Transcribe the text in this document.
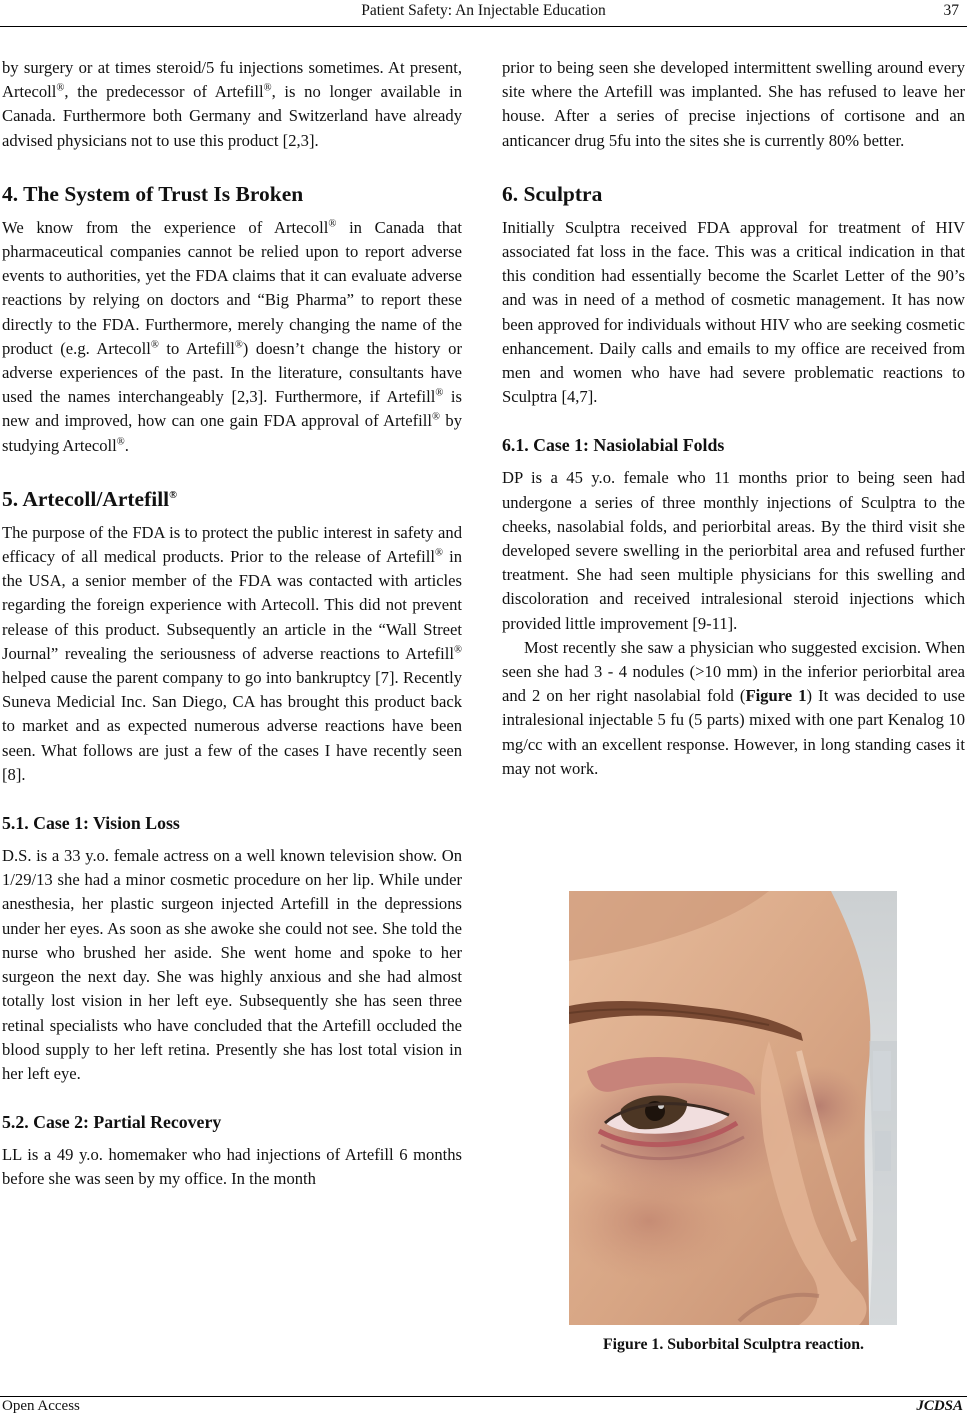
Patient Safety: An Injectable Education	37

by surgery or at times steroid/5 fu injections sometimes. At present, Artecoll®, the predecessor of Artefill®, is no longer available in Canada. Furthermore both Germany and Switzerland have already advised physicians not to use this product [2,3].

4. The System of Trust Is Broken

We know from the experience of Artecoll® in Canada that pharmaceutical companies cannot be relied upon to report adverse events to authorities, yet the FDA claims that it can evaluate adverse reactions by relying on doctors and “Big Pharma” to report these directly to the FDA. Furthermore, merely changing the name of the product (e.g. Artecoll® to Artefill®) doesn’t change the history or adverse experiences of the past. In the literature, consultants have used the names interchangeably [2,3]. Furthermore, if Artefill® is new and improved, how can one gain FDA approval of Artefill® by studying Artecoll®.

5. Artecoll/Artefill®

The purpose of the FDA is to protect the public interest in safety and efficacy of all medical products. Prior to the release of Artefill® in the USA, a senior member of the FDA was contacted with articles regarding the foreign experience with Artecoll. This did not prevent release of this product. Subsequently an article in the “Wall Street Journal” revealing the seriousness of adverse reactions to Artefill® helped cause the parent company to go into bankruptcy [7]. Recently Suneva Medicial Inc. San Diego, CA has brought this product back to market and as expected numerous adverse reactions have been seen. What follows are just a few of the cases I have recently seen [8].

5.1. Case 1: Vision Loss

D.S. is a 33 y.o. female actress on a well known television show. On 1/29/13 she had a minor cosmetic procedure on her lip. While under anesthesia, her plastic surgeon injected Artefill in the depressions under her eyes. As soon as she awoke she could not see. She told the nurse who brushed her aside. She went home and spoke to her surgeon the next day. She was highly anxious and she had almost totally lost vision in her left eye. Subsequently she has seen three retinal specialists who have concluded that the Artefill occluded the blood supply to her left retina. Presently she has lost total vision in her left eye.

5.2. Case 2: Partial Recovery

LL is a 49 y.o. homemaker who had injections of Artefill 6 months before she was seen by my office. In the month

prior to being seen she developed intermittent swelling around every site where the Artefill was implanted. She has refused to leave her house. After a series of precise injections of cortisone and an anticancer drug 5fu into the sites she is currently 80% better.

6. Sculptra

Initially Sculptra received FDA approval for treatment of HIV associated fat loss in the face. This was a critical indication in that this condition had essentially become the Scarlet Letter of the 90’s and was in need of a method of cosmetic management. It has now been approved for individuals without HIV who are seeking cosmetic enhancement. Daily calls and emails to my office are received from men and women who have had severe problematic reactions to Sculptra [4,7].

6.1. Case 1: Nasiolabial Folds

DP is a 45 y.o. female who 11 months prior to being seen had undergone a series of three monthly injections of Sculptra to the cheeks, nasolabial folds, and periorbital areas. By the third visit she developed severe swelling in the periorbital area and refused further treatment. She had seen multiple physicians for this swelling and discoloration and received intralesional steroid injections which provided little improvement [9-11].

Most recently she saw a physician who suggested excision. When seen she had 3 - 4 nodules (>10 mm) in the inferior periorbital area and 2 on her right nasolabial fold (Figure 1) It was decided to use intralesional injectable 5 fu (5 parts) mixed with one part Kenalog 10 mg/cc with an excellent response. However, in long standing cases it may not work.

Figure 1. Suborbital Sculptra reaction.
Open Access	JCDSA
